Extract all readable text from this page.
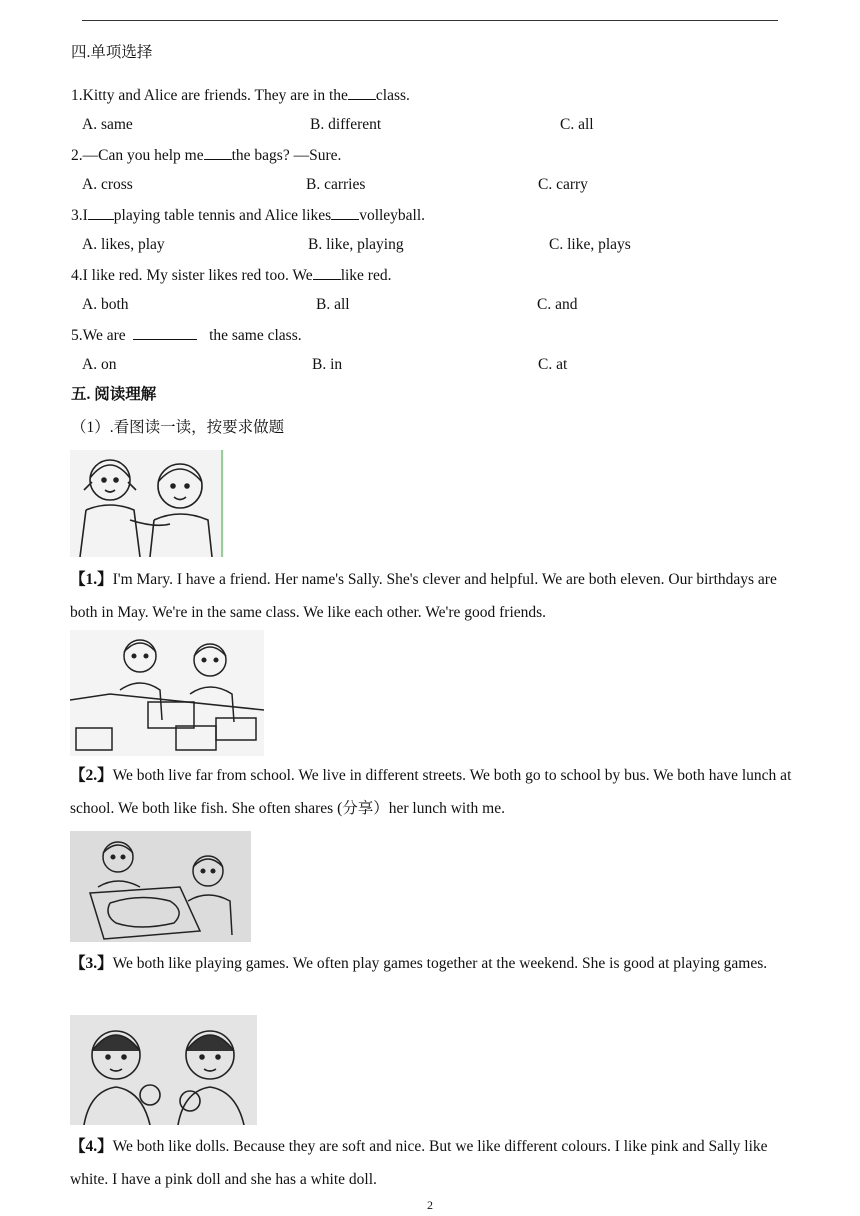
四.单项选择
1.Kitty and Alice are friends. They are in the class.
A. same	B. different	C. all
2.—Can you help me the bags? —Sure.
A. cross	B. carries	C. carry
3.I playing table tennis and Alice likes volleyball.
A. likes, play	B. like, playing	C. like, plays
4.I like red. My sister likes red too. We like red.
A. both	B. all	C. and
5.We are	the same class.
A. on	B. in	C. at
五. 阅读理解
（1）.看图读一读，按要求做题
【1.】I'm Mary. I have a friend. Her name's Sally. She's clever and helpful. We are both eleven. Our birthdays are both in May. We're in the same class. We like each other. We're good friends.
【2.】We both live far from school. We live in different streets. We both go to school by bus. We both have lunch at school. We both like fish. She often shares (分享）her lunch with me.
【3.】We both like playing games. We often play games together at the weekend. She is good at playing games.
【4.】We both like dolls. Because they are soft and nice. But we like different colours. I like pink and Sally like white. I have a pink doll and she has a white doll.
2
